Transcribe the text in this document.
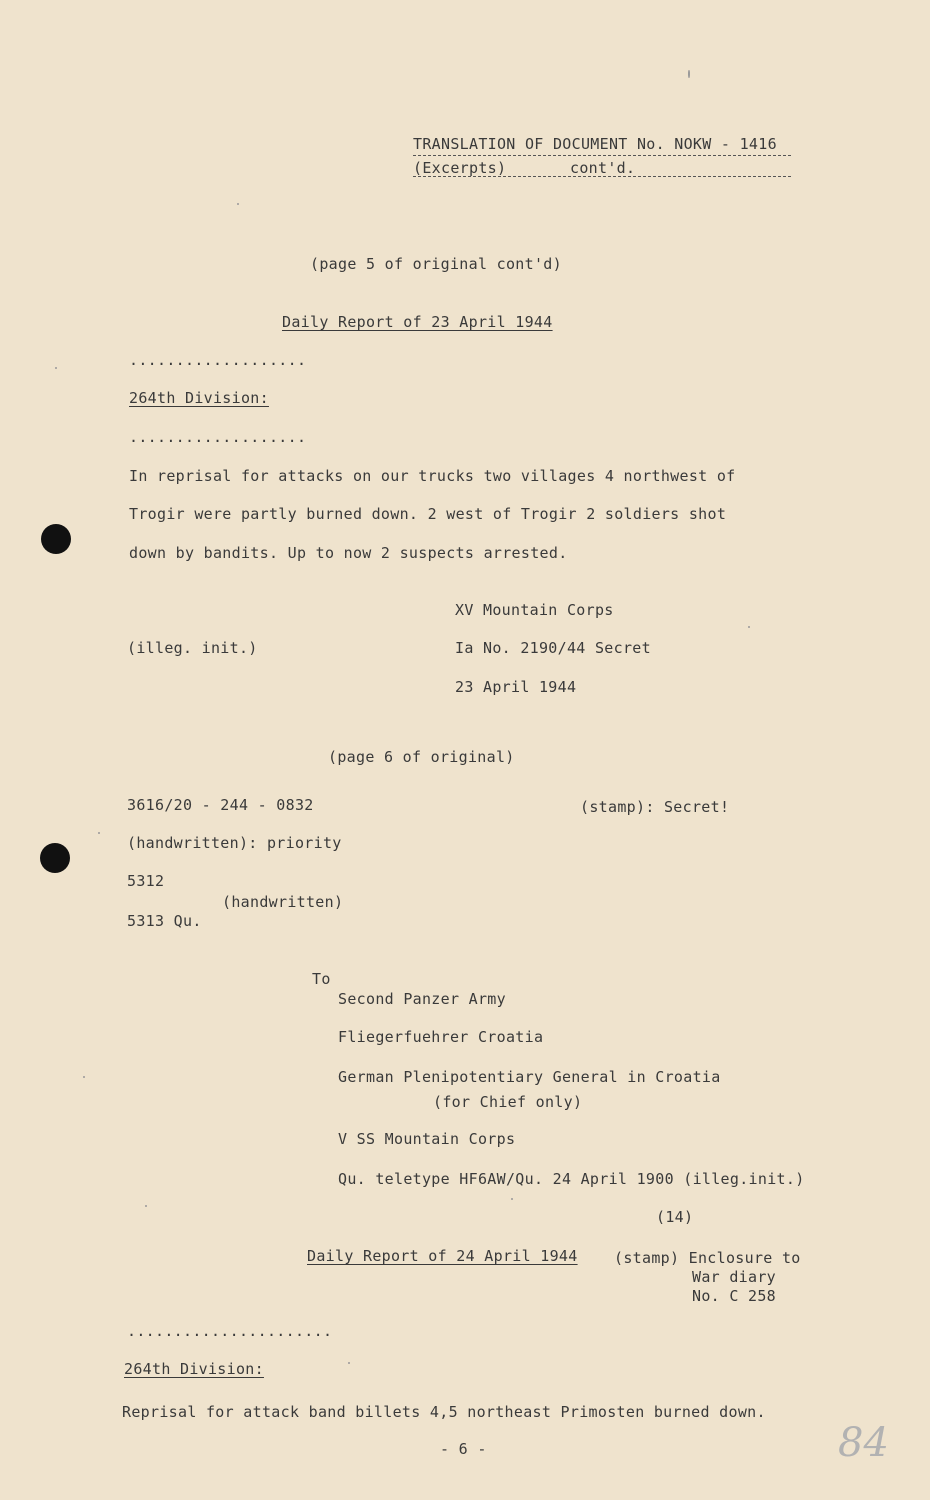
TRANSLATION OF DOCUMENT No. NOKW - 1416
(Excerpts)	cont'd.
(page 5 of original cont'd)
Daily Report of 23 April 1944
...................
264th Division:
...................
In reprisal for attacks on our trucks two villages 4 northwest of
Trogir were partly burned down. 2 west of Trogir 2 soldiers shot
down by bandits. Up to now 2 suspects arrested.
XV Mountain Corps
(illeg. init.)	Ia No. 2190/44 Secret
23 April 1944
(page 6 of original)
3616/20 - 244 - 0832	(stamp): Secret!
(handwritten): priority
5312
(handwritten)
5313 Qu.
To
Second Panzer Army
Fliegerfuehrer Croatia
German Plenipotentiary General in Croatia
(for Chief only)
V SS Mountain Corps
Qu. teletype HF6AW/Qu. 24 April 1900 (illeg.init.)
(14)
Daily Report of 24 April 1944 (stamp) Enclosure to
War diary
No. C 258
......................
264th Division:
Reprisal for attack band billets 4,5 northeast Primosten burned down.
- 6 -	84
